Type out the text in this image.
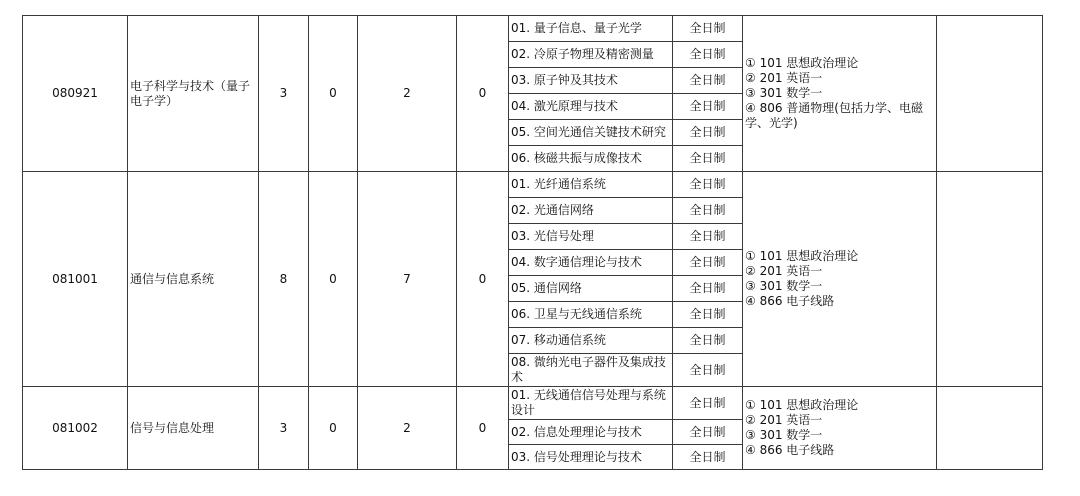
080921	电子科学与技术（量子电子学）	3	0	2	0	01. 量子信息、量子光学	全日制	① 101 思想政治理论
② 201 英语一
③ 301 数学一
④ 806 普通物理(包括力学、电磁学、光学)	

						02. 冷原子物理及精密测量	全日制		
						03. 原子钟及其技术	全日制		
						04. 激光原理与技术	全日制		
						05. 空间光通信关键技术研究	全日制		
						06. 核磁共振与成像技术	全日制		
081001	通信与信息系统	8	0	7	0	01. 光纤通信系统	全日制	① 101 思想政治理论
② 201 英语一
③ 301 数学一
④ 866 电子线路	

						02. 光通信网络	全日制		
						03. 光信号处理	全日制		
						04. 数字通信理论与技术	全日制		
						05. 通信网络	全日制		
						06. 卫星与无线通信系统	全日制		
						07. 移动通信系统	全日制		
						08. 微纳光电子器件及集成技术	全日制		
081002	信号与信息处理	3	0	2	0	01. 无线通信信号处理与系统设计	全日制	① 101 思想政治理论
② 201 英语一
③ 301 数学一
④ 866 电子线路	

						02. 信息处理理论与技术	全日制		
						03. 信号处理理论与技术	全日制		
